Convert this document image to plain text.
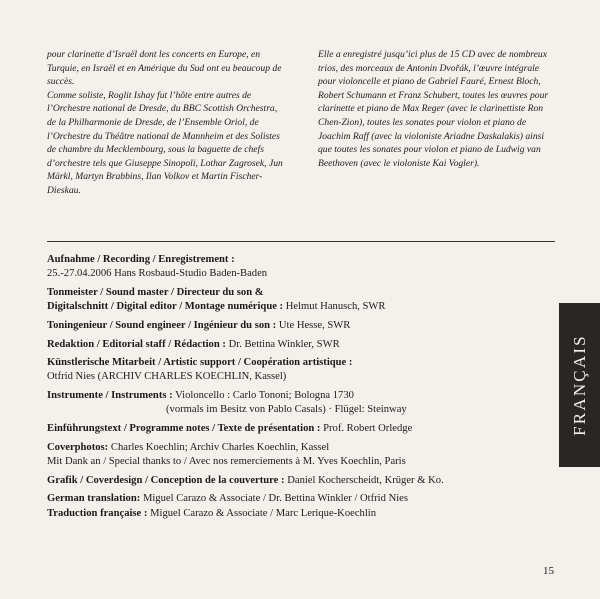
pour clarinette d’Israël dont les concerts en Europe, en Turquie, en Israël et en Amérique du Sud ont eu beaucoup de succès.

Comme soliste, Roglit Ishay fut l’hôte entre autres de l’Orchestre national de Dresde, du BBC Scottish Orchestra, de la Philharmonie de Dresde, de l’Ensemble Oriol, de l’Orchestre du Théâtre national de Mannheim et des Solistes de chambre du Mecklembourg, sous la baguette de chefs d’orchestre tels que Giuseppe Sinopoli, Lothar Zagrosek, Jun Märkl, Martyn Brabbins, Ilan Volkov et Martin Fischer-Dieskau.

Elle a enregistré jusqu’ici plus de 15 CD avec de nombreux trios, des morceaux de Antonin Dvořák, l’œuvre intégrale pour violoncelle et piano de Gabriel Fauré, Ernest Bloch, Robert Schumann et Franz Schubert, toutes les œuvres pour clarinette et piano de Max Reger (avec le clarinettiste Ron Chen-Zion), toutes les sonates pour violon et piano de Joachim Raff (avec la violoniste Ariadne Daskalakis) ainsi que toutes les sonates pour violon et piano de Ludwig van Beethoven (avec le violoniste Kai Vogler).

Aufnahme / Recording / Enregistrement :
25.-27.04.2006 Hans Rosbaud-Studio Baden-Baden
Tonmeister / Sound master / Directeur du son &
Digitalschnitt / Digital editor / Montage numérique : Helmut Hanusch, SWR
Toningenieur / Sound engineer / Ingénieur du son : Ute Hesse, SWR
Redaktion / Editorial staff / Rédaction : Dr. Bettina Winkler, SWR
Künstlerische Mitarbeit / Artistic support / Coopération artistique :
Otfrid Nies (ARCHIV CHARLES KOECHLIN, Kassel)
Instrumente / Instruments : Violoncello : Carlo Tononi; Bologna 1730
(vormals im Besitz von Pablo Casals) · Flügel: Steinway
Einführungstext / Programme notes / Texte de présentation : Prof. Robert Orledge
Coverphotos: Charles Koechlin; Archiv Charles Koechlin, Kassel
Mit Dank an / Special thanks to / Avec nos remerciements à M. Yves Koechlin, Paris
Grafik / Coverdesign / Conception de la couverture : Daniel Kocherscheidt, Krüger & Ko.
German translation: Miguel Carazo & Associate / Dr. Bettina Winkler / Otfrid Nies
Traduction française : Miguel Carazo & Associate / Marc Lerique-Koechlin
FRANÇAIS
15
